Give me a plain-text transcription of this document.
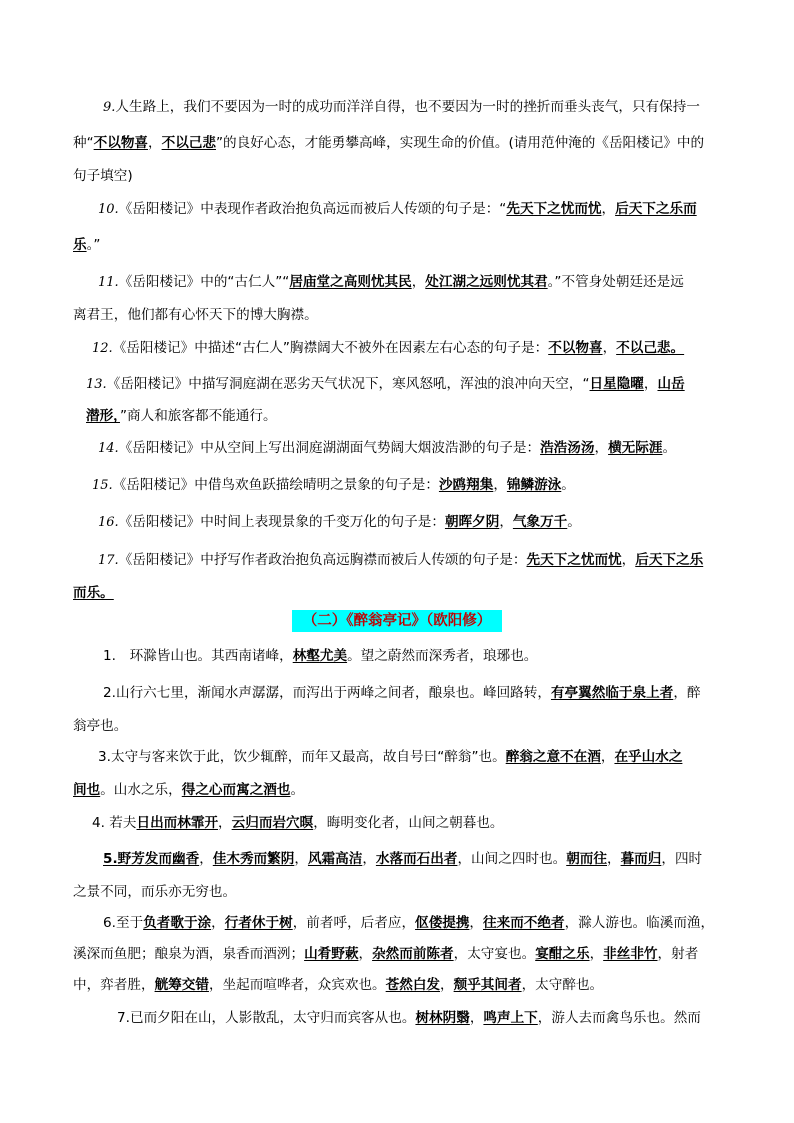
9.人生路上，我们不要因为一时的成功而洋洋自得，也不要因为一时的挫折而垂头丧气，只有保持一
种“不以物喜，不以己悲”的良好心态，才能勇攀高峰，实现生命的价值。(请用范仲淹的《岳阳楼记》中的
句子填空)
10.《岳阳楼记》中表现作者政治抱负高远而被后人传颂的句子是：“先天下之忧而忧，后天下之乐而
乐。”
11.《岳阳楼记》中的“古仁人”“居庙堂之高则忧其民，处江湖之远则忧其君。”不管身处朝廷还是远
离君王，他们都有心怀天下的博大胸襟。
12.《岳阳楼记》中描述“古仁人”胸襟阔大不被外在因素左右心态的句子是：不以物喜，不以己悲。
13.《岳阳楼记》中描写洞庭湖在恶劣天气状况下，寒风怒吼，浑浊的浪冲向天空，“日星隐曜，山岳
潜形，”商人和旅客都不能通行。
14.《岳阳楼记》中从空间上写出洞庭湖湖面气势阔大烟波浩渺的句子是：浩浩汤汤，横无际涯。
15.《岳阳楼记》中借鸟欢鱼跃描绘晴明之景象的句子是：沙鸥翔集，锦鳞游泳。
16.《岳阳楼记》中时间上表现景象的千变万化的句子是：朝晖夕阴，气象万千。
17.《岳阳楼记》中抒写作者政治抱负高远胸襟而被后人传颂的句子是：先天下之忧而忧，后天下之乐
而乐。
（二）《醉翁亭记》（欧阳修）
1.　环滁皆山也。其西南诸峰，林壑尤美。望之蔚然而深秀者，琅琊也。
2.山行六七里，渐闻水声潺潺，而泻出于两峰之间者，酿泉也。峰回路转，有亭翼然临于泉上者，醉
翁亭也。
3.太守与客来饮于此，饮少辄醉，而年又最高，故自号曰“醉翁”也。醉翁之意不在酒，在乎山水之
间也。山水之乐，得之心而寓之酒也。
4. 若夫日出而林霏开，云归而岩穴暝，晦明变化者，山间之朝暮也。
5.野芳发而幽香，佳木秀而繁阴，风霜高洁，水落而石出者，山间之四时也。朝而往，暮而归，四时
之景不同，而乐亦无穷也。
6.至于负者歌于涂，行者休于树，前者呼，后者应，伛偻提携，往来而不绝者，滁人游也。临溪而渔，
溪深而鱼肥；酿泉为酒，泉香而酒洌；山肴野蔌，杂然而前陈者，太守宴也。宴酣之乐，非丝非竹，射者
中，弈者胜，觥筹交错，坐起而喧哗者，众宾欢也。苍然白发，颓乎其间者，太守醉也。
7.已而夕阳在山，人影散乱，太守归而宾客从也。树林阴翳，鸣声上下，游人去而禽鸟乐也。然而
